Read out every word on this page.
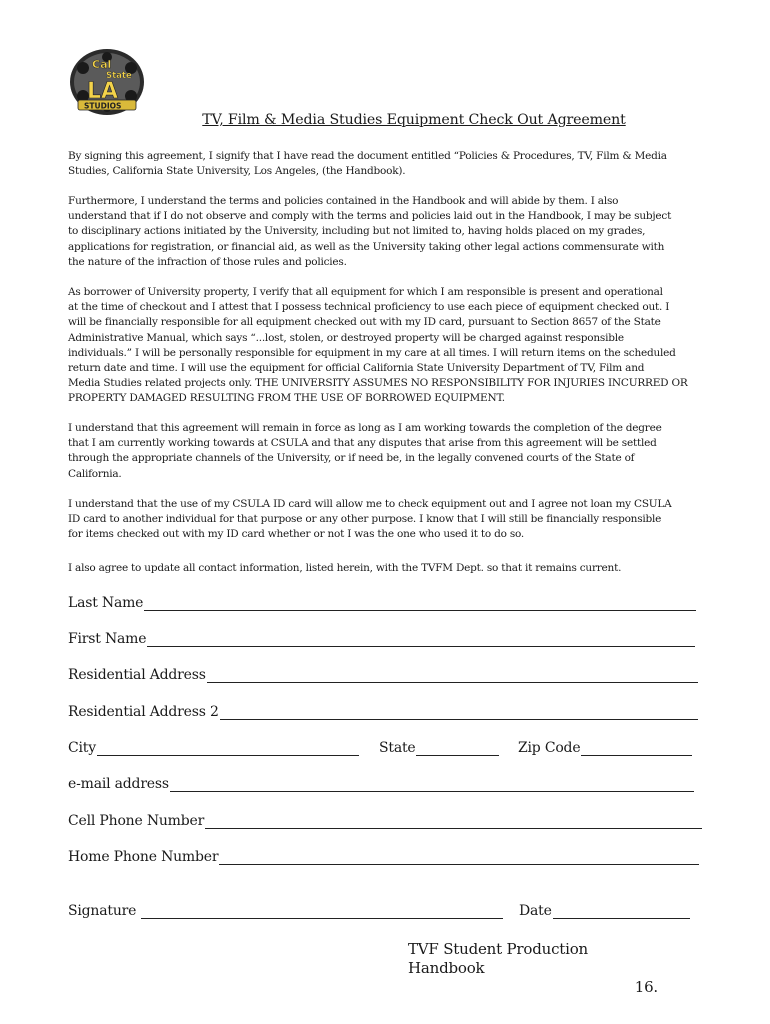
Cal
State
LA
STUDIOS
TV, Film & Media Studies Equipment Check Out Agreement

By signing this agreement, I signify that I have read the document entitled “Policies & Procedures, TV, Film & Media
Studies, California State University, Los Angeles, (the Handbook).

Furthermore, I understand the terms and policies contained in the Handbook and will abide by them. I also
understand that if I do not observe and comply with the terms and policies laid out in the Handbook, I may be subject
to disciplinary actions initiated by the University, including but not limited to, having holds placed on my grades,
applications for registration, or financial aid, as well as the University taking other legal actions commensurate with
the nature of the infraction of those rules and policies.

As borrower of University property, I verify that all equipment for which I am responsible is present and operational
at the time of checkout and I attest that I possess technical proficiency to use each piece of equipment checked out. I
will be financially responsible for all equipment checked out with my ID card, pursuant to Section 8657 of the State
Administrative Manual, which says “...lost, stolen, or destroyed property will be charged against responsible
individuals.” I will be personally responsible for equipment in my care at all times. I will return items on the scheduled
return date and time. I will use the equipment for official California State University Department of TV, Film and
Media Studies related projects only. THE UNIVERSITY ASSUMES NO RESPONSIBILITY FOR INJURIES INCURRED OR
PROPERTY DAMAGED RESULTING FROM THE USE OF BORROWED EQUIPMENT.

I understand that this agreement will remain in force as long as I am working towards the completion of the degree
that I am currently working towards at CSULA and that any disputes that arise from this agreement will be settled
through the appropriate channels of the University, or if need be, in the legally convened courts of the State of
California.

I understand that the use of my CSULA ID card will allow me to check equipment out and I agree not loan my CSULA
ID card to another individual for that purpose or any other purpose. I know that I will still be financially responsible
for items checked out with my ID card whether or not I was the one who used it to do so.

I also agree to update all contact information, listed herein, with the TVFM Dept. so that it remains current.

Last Name
First Name
Residential Address
Residential Address 2
City	State	Zip Code
e-mail address
Cell Phone Number
Home Phone Number
Signature	Date
TVF Student Production Handbook
16.
